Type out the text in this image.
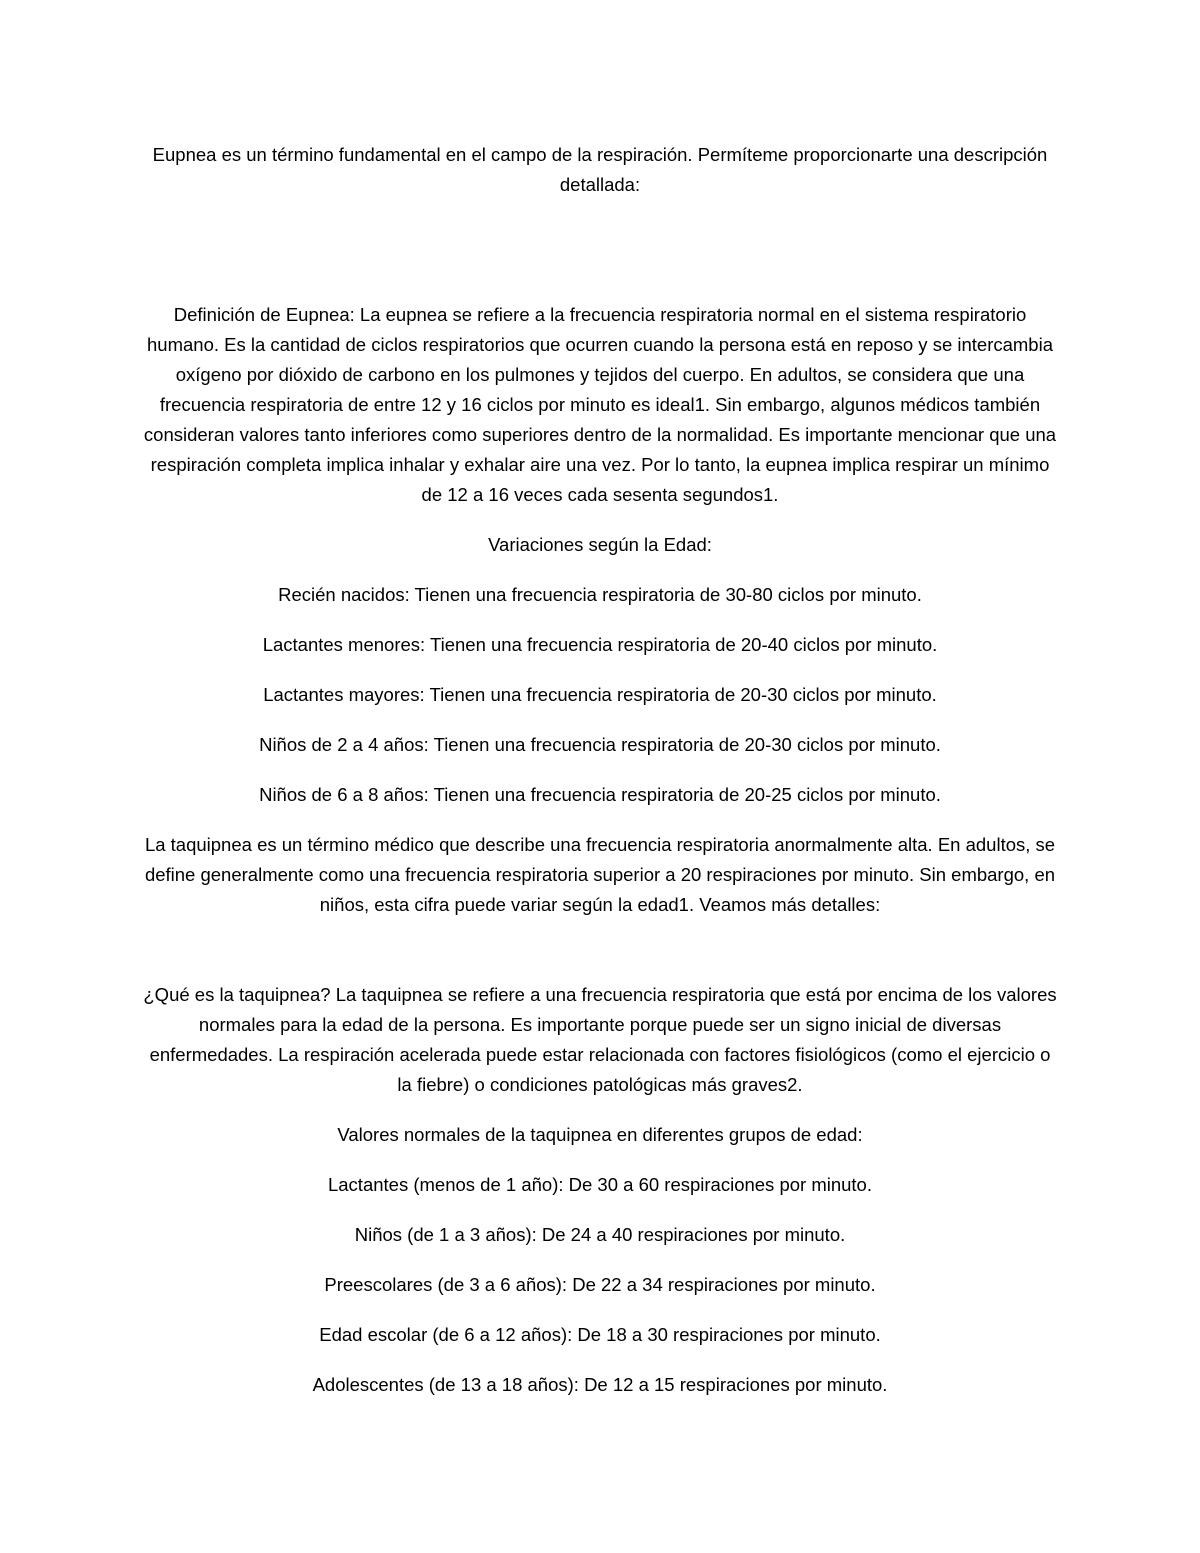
Eupnea es un término fundamental en el campo de la respiración. Permíteme proporcionarte una descripción detallada:

Definición de Eupnea: La eupnea se refiere a la frecuencia respiratoria normal en el sistema respiratorio humano. Es la cantidad de ciclos respiratorios que ocurren cuando la persona está en reposo y se intercambia oxígeno por dióxido de carbono en los pulmones y tejidos del cuerpo. En adultos, se considera que una frecuencia respiratoria de entre 12 y 16 ciclos por minuto es ideal1. Sin embargo, algunos médicos también consideran valores tanto inferiores como superiores dentro de la normalidad. Es importante mencionar que una respiración completa implica inhalar y exhalar aire una vez. Por lo tanto, la eupnea implica respirar un mínimo de 12 a 16 veces cada sesenta segundos1.

Variaciones según la Edad:

Recién nacidos: Tienen una frecuencia respiratoria de 30-80 ciclos por minuto.

Lactantes menores: Tienen una frecuencia respiratoria de 20-40 ciclos por minuto.

Lactantes mayores: Tienen una frecuencia respiratoria de 20-30 ciclos por minuto.

Niños de 2 a 4 años: Tienen una frecuencia respiratoria de 20-30 ciclos por minuto.

Niños de 6 a 8 años: Tienen una frecuencia respiratoria de 20-25 ciclos por minuto.

La taquipnea es un término médico que describe una frecuencia respiratoria anormalmente alta. En adultos, se define generalmente como una frecuencia respiratoria superior a 20 respiraciones por minuto. Sin embargo, en niños, esta cifra puede variar según la edad1. Veamos más detalles:

¿Qué es la taquipnea? La taquipnea se refiere a una frecuencia respiratoria que está por encima de los valores normales para la edad de la persona. Es importante porque puede ser un signo inicial de diversas enfermedades. La respiración acelerada puede estar relacionada con factores fisiológicos (como el ejercicio o la fiebre) o condiciones patológicas más graves2.

Valores normales de la taquipnea en diferentes grupos de edad:

Lactantes (menos de 1 año): De 30 a 60 respiraciones por minuto.

Niños (de 1 a 3 años): De 24 a 40 respiraciones por minuto.

Preescolares (de 3 a 6 años): De 22 a 34 respiraciones por minuto.

Edad escolar (de 6 a 12 años): De 18 a 30 respiraciones por minuto.

Adolescentes (de 13 a 18 años): De 12 a 15 respiraciones por minuto.
